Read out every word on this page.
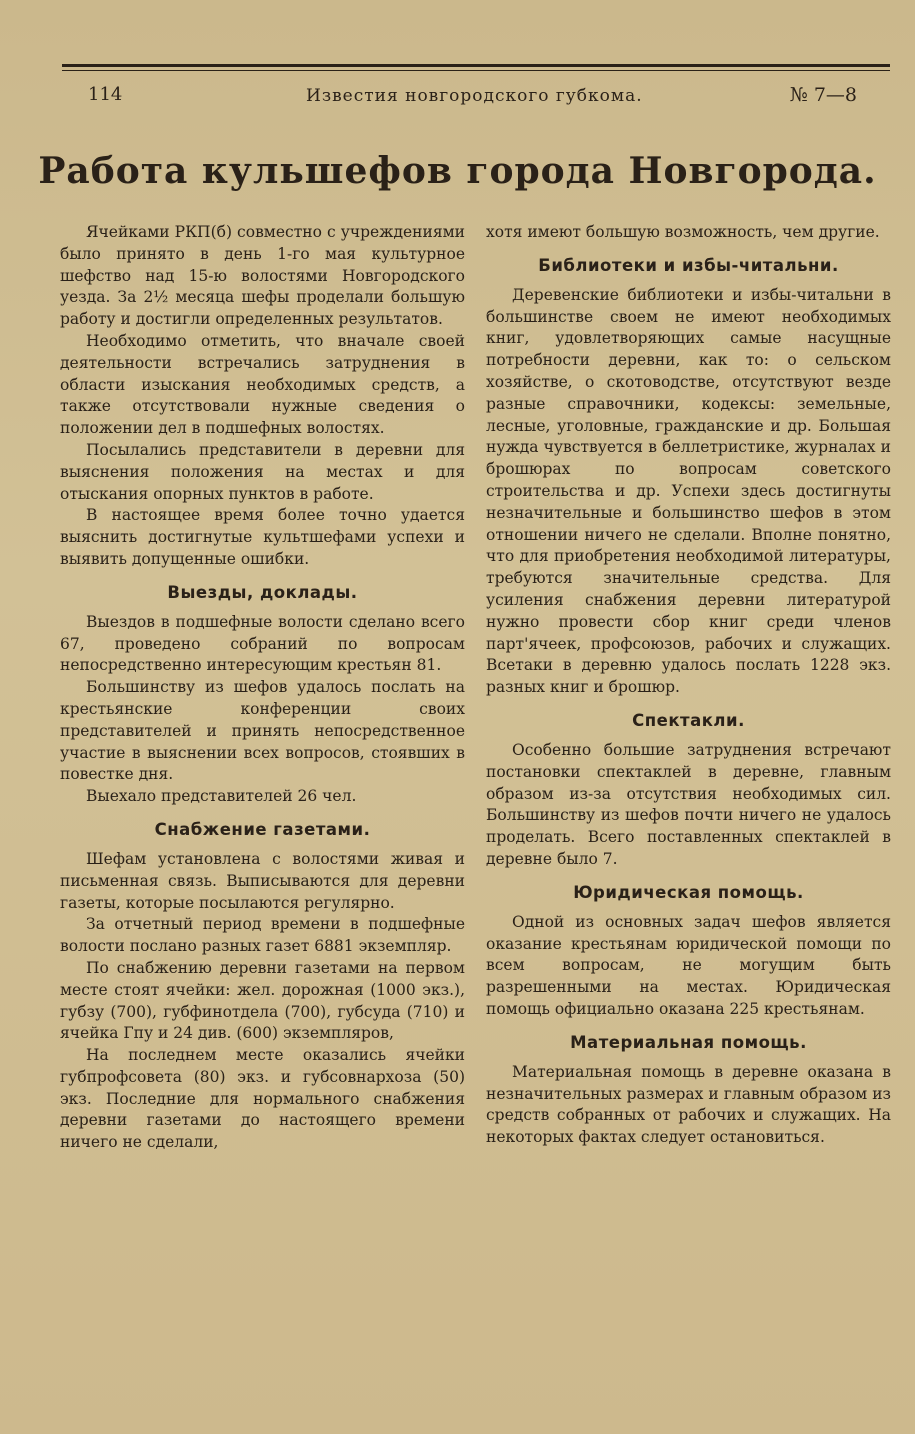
114	Известия новгородского губкома.	№ 7—8
Работа кульшефов города Новгорода.

Ячейками РКП(б) совместно с учреждениями было принято в день 1-го мая культурное шефство над 15-ю волостями Новгородского уезда. За 2½ месяца шефы проделали большую работу и достигли определенных результатов.

Необходимо отметить, что вначале своей деятельности встречались затруднения в области изыскания необходимых средств, а также отсутствовали нужные сведения о положении дел в подшефных волостях.

Посылались представители в деревни для выяснения положения на местах и для отыскания опорных пунктов в работе.

В настоящее время более точно удается выяснить достигнутые культшефами успехи и выявить допущенные ошибки.

Выезды, доклады.

Выездов в подшефные волости сделано всего 67, проведено собраний по вопросам непосредственно интересующим крестьян 81.

Большинству из шефов удалось послать на крестьянские конференции своих представителей и принять непосредственное участие в выяснении всех вопросов, стоявших в повестке дня.

Выехало представителей 26 чел.

Снабжение газетами.

Шефам установлена с волостями живая и письменная связь. Выписываются для деревни газеты, которые посылаются регулярно.

За отчетный период времени в подшефные волости послано разных газет 6881 экземпляр.

По снабжению деревни газетами на первом месте стоят ячейки: жел. дорожная (1000 экз.), губзу (700), губфинотдела (700), губсуда (710) и ячейка Гпу и 24 див. (600) экземпляров,

На последнем месте оказались ячейки губпрофсовета (80) экз. и губсовнархоза (50) экз. Последние для нормального снабжения деревни газетами до настоящего времени ничего не сделали,

хотя имеют большую возможность, чем другие.

Библиотеки и избы-читальни.

Деревенские библиотеки и избы-читальни в большинстве своем не имеют необходимых книг, удовлетворяющих самые насущные потребности деревни, как то: о сельском хозяйстве, о скотоводстве, отсутствуют везде разные справочники, кодексы: земельные, лесные, уголовные, гражданские и др. Большая нужда чувствуется в беллетристике, журналах и брошюрах по вопросам советского строительства и др. Успехи здесь достигнуты незначительные и большинство шефов в этом отношении ничего не сделали. Вполне понятно, что для приобретения необходимой литературы, требуются значительные средства. Для усиления снабжения деревни литературой нужно провести сбор книг среди членов парт'ячеек, профсоюзов, рабочих и служащих. Всетаки в деревню удалось послать 1228 экз. разных книг и брошюр.

Спектакли.

Особенно большие затруднения встречают постановки спектаклей в деревне, главным образом из-за отсутствия необходимых сил. Большинству из шефов почти ничего не удалось проделать. Всего поставленных спектаклей в деревне было 7.

Юридическая помощь.

Одной из основных задач шефов является оказание крестьянам юридической помощи по всем вопросам, не могущим быть разрешенными на местах. Юридическая помощь официально оказана 225 крестьянам.

Материальная помощь.

Материальная помощь в деревне оказана в незначительных размерах и главным образом из средств собранных от рабочих и служащих. На некоторых фактах следует остановиться.
